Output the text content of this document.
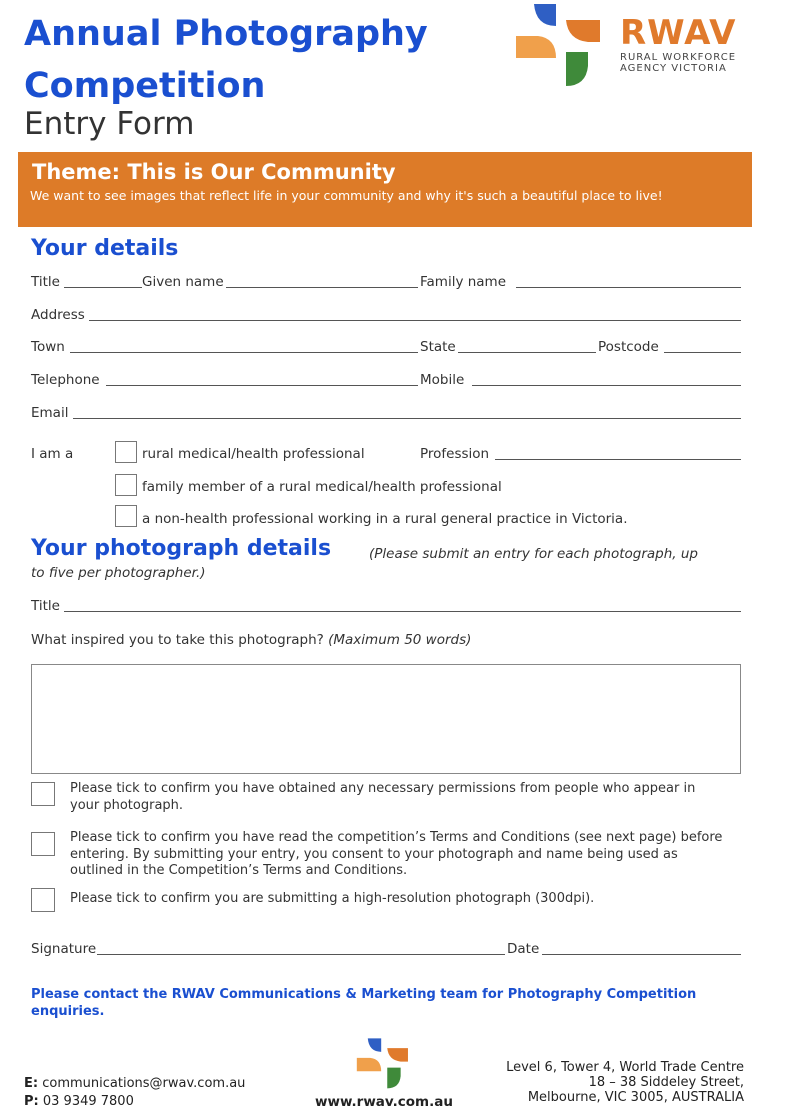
Annual Photography
Competition
Entry Form
RWAV
RURAL WORKFORCE
AGENCY VICTORIA
Theme: This is Our Community
We want to see images that reflect life in your community and why it's such a beautiful place to live!
Your details
Title	Given name	Family name
Address
Town	State	Postcode
Telephone	Mobile
Email
I am a	rural medical/health professional	Profession
family member of a rural medical/health professional
a non-health professional working in a rural general practice in Victoria.
Your photograph details	(Please submit an entry for each photograph, up
to five per photographer.)
Title
What inspired you to take this photograph? (Maximum 50 words)
Please tick to confirm you have obtained any necessary permissions from people who appear in
your photograph.
Please tick to confirm you have read the competition’s Terms and Conditions (see next page) before
entering. By submitting your entry, you consent to your photograph and name being used as
outlined in the Competition’s Terms and Conditions.
Please tick to confirm you are submitting a high-resolution photograph (300dpi).
Signature	Date
Please contact the RWAV Communications & Marketing team for Photography Competition
enquiries.
E: communications@rwav.com.au
P: 03 9349 7800	www.rwav.com.au
Level 6, Tower 4, World Trade Centre
18 – 38 Siddeley Street,
Melbourne, VIC 3005, AUSTRALIA
